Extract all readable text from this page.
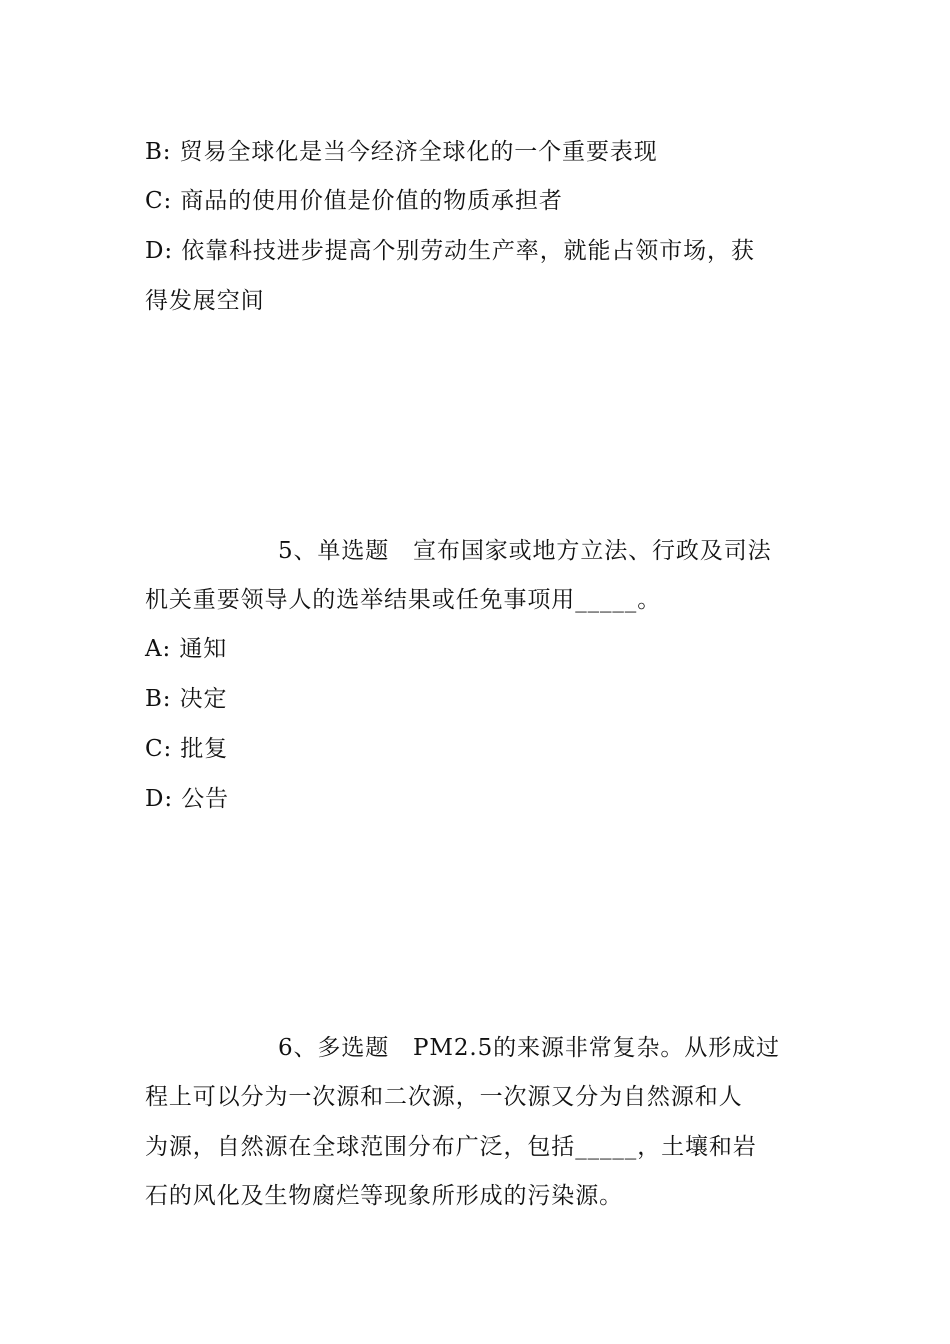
B: 贸易全球化是当今经济全球化的一个重要表现
C: 商品的使用价值是价值的物质承担者
D: 依靠科技进步提高个别劳动生产率，就能占领市场，获
得发展空间
5、单选题　宣布国家或地方立法、行政及司法
机关重要领导人的选举结果或任免事项用_____。
A: 通知
B: 决定
C: 批复
D: 公告
6、多选题　PM2.5的来源非常复杂。从形成过
程上可以分为一次源和二次源，一次源又分为自然源和人
为源，自然源在全球范围分布广泛，包括_____，土壤和岩
石的风化及生物腐烂等现象所形成的污染源。
